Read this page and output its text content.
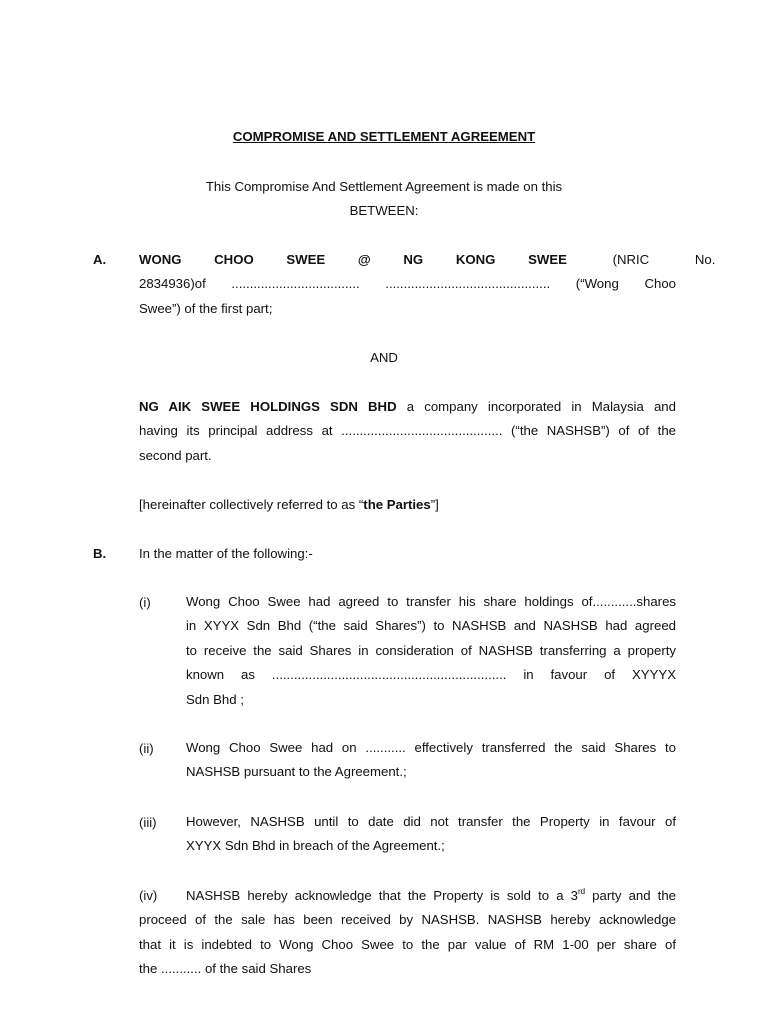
COMPROMISE AND SETTLEMENT AGREEMENT
This Compromise And Settlement Agreement is made on this
BETWEEN:
A. WONG CHOO SWEE @ NG KONG SWEE (NRIC No.
2834936)of ................................... ............................................. (“Wong Choo
Swee”) of the first part;
AND
NG AIK SWEE HOLDINGS SDN BHD a company incorporated in Malaysia and
having its principal address at ............................................ (“the NASHSB”) of of the
second part.
[hereinafter collectively referred to as “the Parties”]
B. In the matter of the following:-
(i)	Wong Choo Swee had agreed to transfer his share holdings of............shares
in XYYX Sdn Bhd (“the said Shares”) to NASHSB and NASHSB had agreed
to receive the said Shares in consideration of NASHSB transferring a property
known as ................................................................ in favour of XYYYX
Sdn Bhd ;
(ii) Wong Choo Swee had on ........... effectively transferred the said Shares to
NASHSB pursuant to the Agreement.;
(iii) However, NASHSB until to date did not transfer the Property in favour of
XYYX Sdn Bhd in breach of the Agreement.;
(iv)	NASHSB hereby acknowledge that the Property is sold to a 3rd party and the
proceed of the sale has been received by NASHSB. NASHSB hereby acknowledge
that it is indebted to Wong Choo Swee to the par value of RM 1-00 per share of
the ........... of the said Shares
